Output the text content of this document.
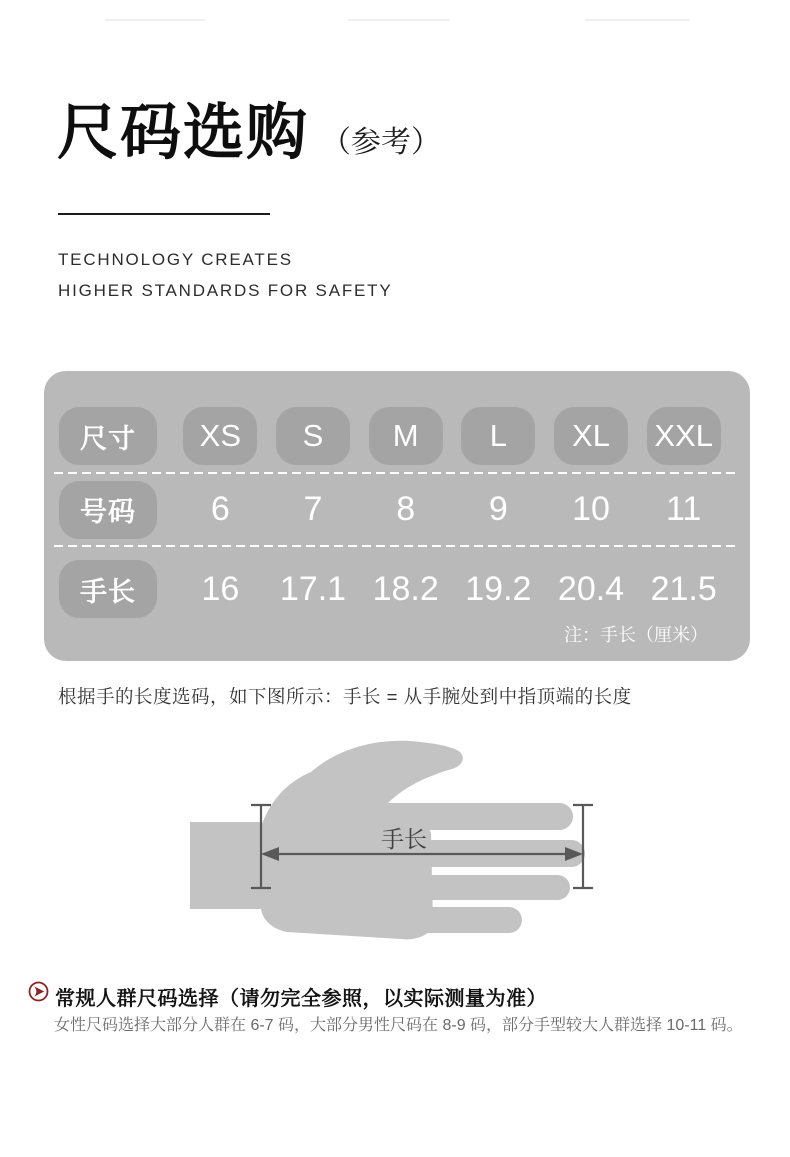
尺码选购 （参考）
TECHNOLOGY CREATES
HIGHER STANDARDS FOR SAFETY
尺寸	XS	S	M	L	XL	XXL
号码	6	7	8	9	10	11
手长	16	17.1 18.2 19.2 20.4 21.5
注：手长（厘米）
根据手的长度选码，如下图所示：手长 = 从手腕处到中指顶端的长度
手长
常规人群尺码选择（请勿完全参照，以实际测量为准）
女性尺码选择大部分人群在 6-7 码，大部分男性尺码在 8-9 码，部分手型较大人群选择 10-11 码。
